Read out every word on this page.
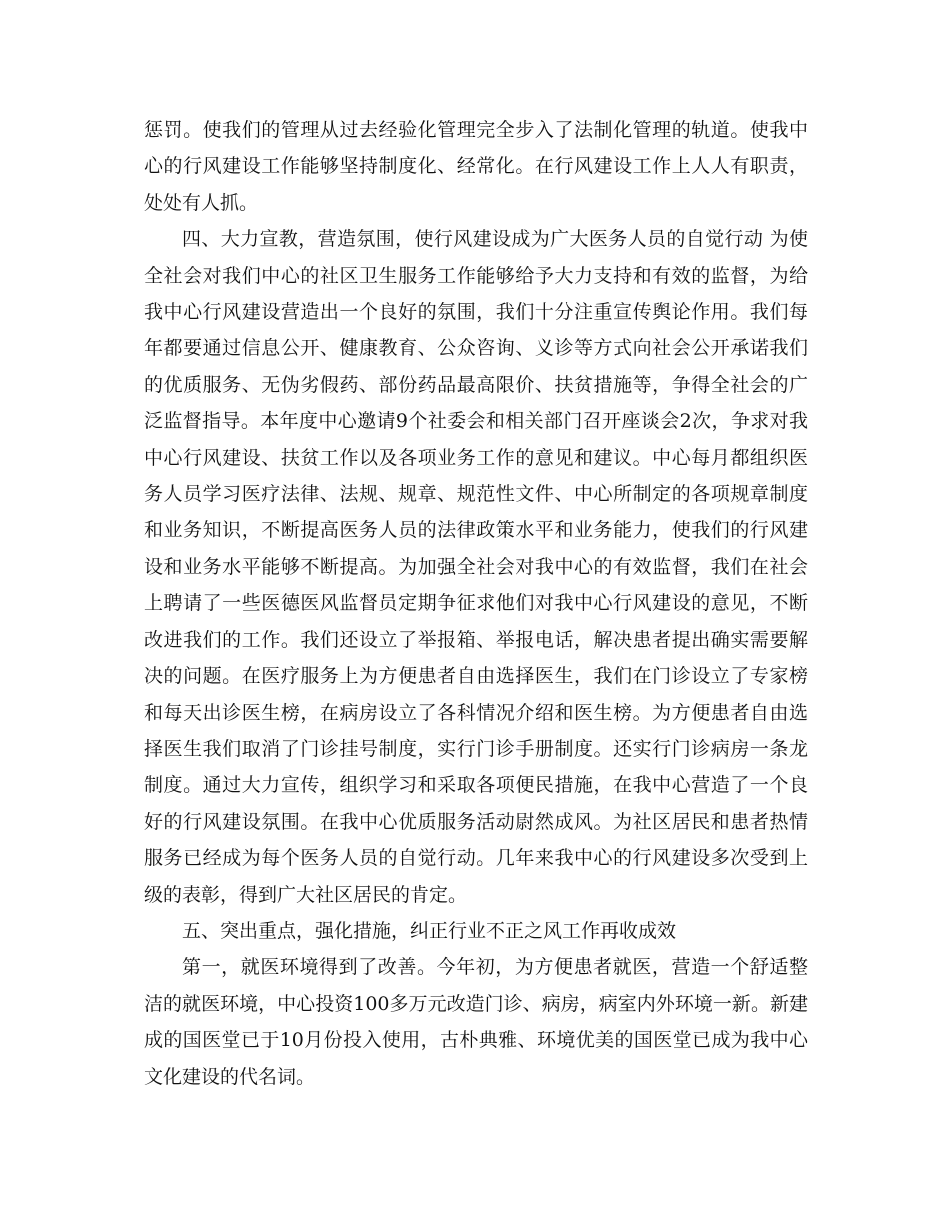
惩罚。使我们的管理从过去经验化管理完全步入了法制化管理的轨道。使我中心的行风建设工作能够坚持制度化、经常化。在行风建设工作上人人有职责，处处有人抓。

四、大力宣教，营造氛围，使行风建设成为广大医务人员的自觉行动 为使全社会对我们中心的社区卫生服务工作能够给予大力支持和有效的监督，为给我中心行风建设营造出一个良好的氛围，我们十分注重宣传舆论作用。我们每年都要通过信息公开、健康教育、公众咨询、义诊等方式向社会公开承诺我们的优质服务、无伪劣假药、部份药品最高限价、扶贫措施等，争得全社会的广泛监督指导。本年度中心邀请9个社委会和相关部门召开座谈会2次，争求对我中心行风建设、扶贫工作以及各项业务工作的意见和建议。中心每月都组织医务人员学习医疗法律、法规、规章、规范性文件、中心所制定的各项规章制度和业务知识，不断提高医务人员的法律政策水平和业务能力，使我们的行风建设和业务水平能够不断提高。为加强全社会对我中心的有效监督，我们在社会上聘请了一些医德医风监督员定期争征求他们对我中心行风建设的意见，不断改进我们的工作。我们还设立了举报箱、举报电话，解决患者提出确实需要解决的问题。在医疗服务上为方便患者自由选择医生，我们在门诊设立了专家榜和每天出诊医生榜，在病房设立了各科情况介绍和医生榜。为方便患者自由选择医生我们取消了门诊挂号制度，实行门诊手册制度。还实行门诊病房一条龙制度。通过大力宣传，组织学习和采取各项便民措施，在我中心营造了一个良好的行风建设氛围。在我中心优质服务活动尉然成风。为社区居民和患者热情服务已经成为每个医务人员的自觉行动。几年来我中心的行风建设多次受到上级的表彰，得到广大社区居民的肯定。

五、突出重点，强化措施，纠正行业不正之风工作再收成效

第一，就医环境得到了改善。今年初，为方便患者就医，营造一个舒适整洁的就医环境，中心投资100多万元改造门诊、病房，病室内外环境一新。新建成的国医堂已于10月份投入使用，古朴典雅、环境优美的国医堂已成为我中心文化建设的代名词。
